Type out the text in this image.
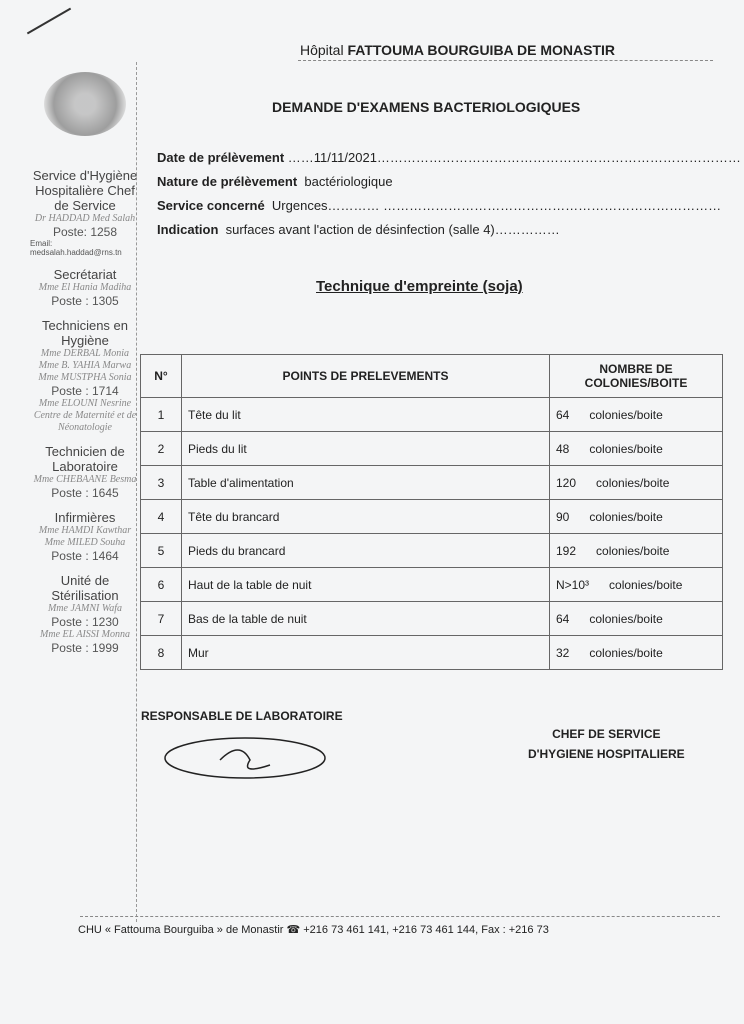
Hôpital FATTOUMA BOURGUIBA DE MONASTIR
Service d'Hygiène Hospitalière Chef de Service
Dr HADDAD Med Salah
Poste: 1258
Email:
medsalah.haddad@rns.tn
Secrétariat
Mme El Hania Madiha
Poste : 1305
Techniciens en Hygiène
Mme DERBAL Monia
Mme B. YAHIA Marwa
Mme MUSTPHA Sonia
Poste : 1714
Mme ELOUNI Nesrine
Centre de Maternité et de Néonatologie
Technicien de Laboratoire
Mme CHEBAANE Besma
Poste : 1645
Infirmières
Mme HAMDI Kawthar
Mme MILED Souha
Poste : 1464
Unité de Stérilisation
Mme JAMNI Wafa
Poste : 1230
Mme EL AISSI Monna
Poste : 1999
DEMANDE D'EXAMENS BACTERIOLOGIQUES
Date de prélèvement ……11/11/2021…………………………………………………………………………
Nature de prélèvement bactériologique
Service concerné Urgences………… ……………………………………………………………………
Indication surfaces avant l'action de désinfection (salle 4)……………
Technique d'empreinte (soja)
N°	POINTS DE PRELEVEMENTS	NOMBRE DE COLONIES/BOITE
1	Tête du lit	64 colonies/boite
2	Pieds du lit	48 colonies/boite
3	Table d'alimentation	120 colonies/boite
4	Tête du brancard	90 colonies/boite
5	Pieds du brancard	192 colonies/boite
6	Haut de la table de nuit	N>10³ colonies/boite
7	Bas de la table de nuit	64 colonies/boite
8	Mur	32 colonies/boite
RESPONSABLE DE LABORATOIRE
CHEF DE SERVICE
D'HYGIENE HOSPITALIERE
CHU « Fattouma Bourguiba » de Monastir ☎ +216 73 461 141, +216 73 461 144, Fax : +216 73
